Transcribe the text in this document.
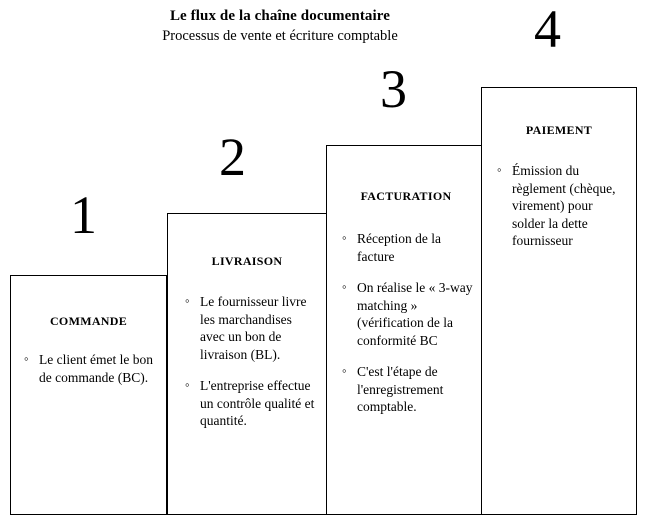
Le flux de la chaîne documentaire
Processus de vente et écriture comptable
1
2
3
4
COMMANDE
◦ Le client émet le bon de commande (BC).
LIVRAISON
◦ Le fournisseur livre les marchandises avec un bon de livraison (BL).
◦ L'entreprise effectue un contrôle qualité et quantité.
FACTURATION
◦ Réception de la facture
◦ On réalise le « 3-way matching » (vérification de la conformité BC
◦ C'est l'étape de l'enregistrement comptable.
PAIEMENT
◦ Émission du règlement (chèque, virement) pour solder la dette fournisseur
